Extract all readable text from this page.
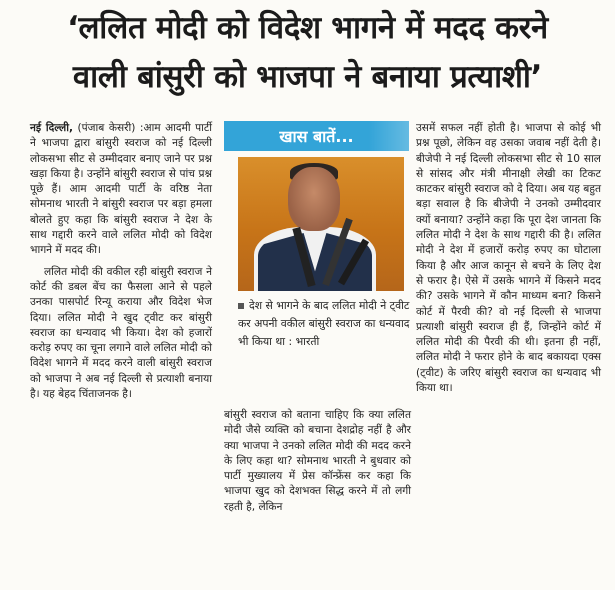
‘ललित मोदी को विदेश भागने में मदद करने
वाली बांसुरी को भाजपा ने बनाया प्रत्याशी’

नई दिल्ली, (पंजाब केसरी) :आम आदमी पार्टी ने भाजपा द्वारा बांसुरी स्वराज को नई दिल्ली लोकसभा सीट से उम्मीदवार बनाए जाने पर प्रश्न खड़ा किया है। उन्होंने बांसुरी स्वराज से पांच प्रश्न पूछे हैं। आम आदमी पार्टी के वरिष्ठ नेता सोमनाथ भारती ने बांसुरी स्वराज पर बड़ा हमला बोलते हुए कहा कि बांसुरी स्वराज ने देश के साथ गद्दारी करने वाले ललित मोदी को विदेश भागने में मदद की।

ललित मोदी की वकील रही बांसुरी स्वराज ने कोर्ट की डबल बेंच का फैसला आने से पहले उनका पासपोर्ट रिन्यू कराया और विदेश भेज दिया। ललित मोदी ने खुद ट्वीट कर बांसुरी स्वराज का धन्यवाद भी किया। देश को हजारों करोड़ रुपए का चूना लगाने वाले ललित मोदी को विदेश भागने में मदद करने वाली बांसुरी स्वराज को भाजपा ने अब नई दिल्ली से प्रत्याशी बनाया है। यह बेहद चिंताजनक है।

खास बातें...
देश से भागने के बाद ललित मोदी ने ट्वीट कर अपनी वकील बांसुरी स्वराज का धन्यवाद भी किया था : भारती

बांसुरी स्वराज को बताना चाहिए कि क्या ललित मोदी जैसे व्यक्ति को बचाना देशद्रोह नहीं है और क्या भाजपा ने उनको ललित मोदी की मदद करने के लिए कहा था? सोमनाथ भारती ने बुधवार को पार्टी मुख्यालय में प्रेस कॉन्फ्रेंस कर कहा कि भाजपा खुद को देशभक्त सिद्ध करने में तो लगी रहती है, लेकिन

उसमें सफल नहीं होती है। भाजपा से कोई भी प्रश्न पूछो, लेकिन वह उसका जवाब नहीं देती है। बीजेपी ने नई दिल्ली लोकसभा सीट से 10 साल से सांसद और मंत्री मीनाक्षी लेखी का टिकट काटकर बांसुरी स्वराज को दे दिया। अब यह बहुत बड़ा सवाल है कि बीजेपी ने उनको उम्मीदवार क्यों बनाया? उन्होंने कहा कि पूरा देश जानता कि ललित मोदी ने देश के साथ गद्दारी की है। ललित मोदी ने देश में हजारों करोड़ रुपए का घोटाला किया है और आज कानून से बचने के लिए देश से फरार है। ऐसे में उसके भागने में किसने मदद की? उसके भागने में कौन माध्यम बना? किसने कोर्ट में पैरवी की? वो नई दिल्ली से भाजपा प्रत्याशी बांसुरी स्वराज ही हैं, जिन्होंने कोर्ट में ललित मोदी की पैरवी की थी। इतना ही नहीं, ललित मोदी ने फरार होने के बाद बकायदा एक्स (ट्वीट) के जरिए बांसुरी स्वराज का धन्यवाद भी किया था।
